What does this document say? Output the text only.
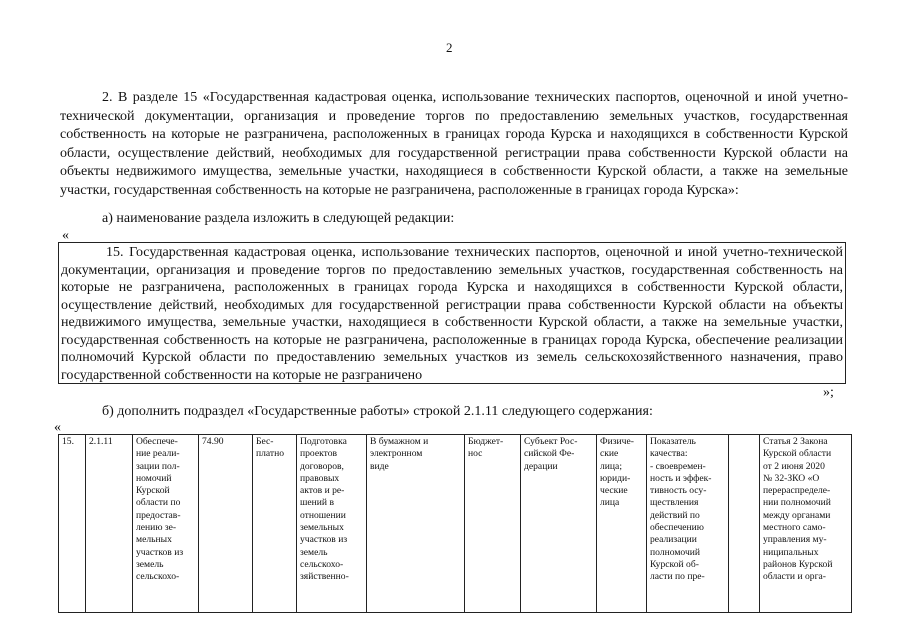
2

2. В разделе 15 «Государственная кадастровая оценка, использование технических паспортов, оценочной и иной учетно-технической документации, организация и проведение торгов по предоставлению земельных участков, государственная собственность на которые не разграничена, расположенных в границах города Курска и находящихся в собственности Курской области, осуществление действий, необходимых для государственной регистрации права собственности Курской области на объекты недвижимого имущества, земельные участки, находящиеся в собственности Курской области, а также на земельные участки, государственная собственность на которые не разграничена, расположенные в границах города Курска»:

а) наименование раздела изложить в следующей редакции:

«

15. Государственная кадастровая оценка, использование технических паспортов, оценочной и иной учетно-технической документации, организация и проведение торгов по предоставлению земельных участков, государственная собственность на которые не разграничена, расположенных в границах города Курска и находящихся в собственности Курской области, осуществление действий, необходимых для государственной регистрации права собственности Курской области на объекты недвижимого имущества, земельные участки, находящиеся в собственности Курской области, а также на земельные участки, государственная собственность на которые не разграничена, расположенные в границах города Курска, обеспечение реализации полномочий Курской области по предоставлению земельных участков из земель сельскохозяйственного назначения, право государственной собственности на которые не разграничено

»;

б) дополнить подраздел «Государственные работы» строкой 2.1.11 следующего содержания:

«
15.	2.1.11	Обеспече-
ние реали-
зации пол-
номочий
Курской
области по
предостав-
лению зе-
мельных
участков из
земель
сельскохо-	74.90	Бес-
платно	Подготовка
проектов
договоров,
правовых
актов и ре-
шений в
отношении
земельных
участков из
земель
сельскохо-
зяйственно-	В бумажном и
электронном
виде	Бюджет-
нос	Субъект Рос-
сийской Фе-
дерации	Физиче-
ские
лица;
юриди-
ческие
лица	Показатель
качества:
- своевремен-
ность и эффек-
тивность осу-
ществления
действий по
обеспечению
реализации
полномочий
Курской об-
ласти по пре-		Статья 2 Закона
Курской области
от 2 июня 2020
№ 32-ЗКО «О
перераспределе-
нии полномочий
между органами
местного само-
управления му-
ниципальных
районов Курской
области и орга-
